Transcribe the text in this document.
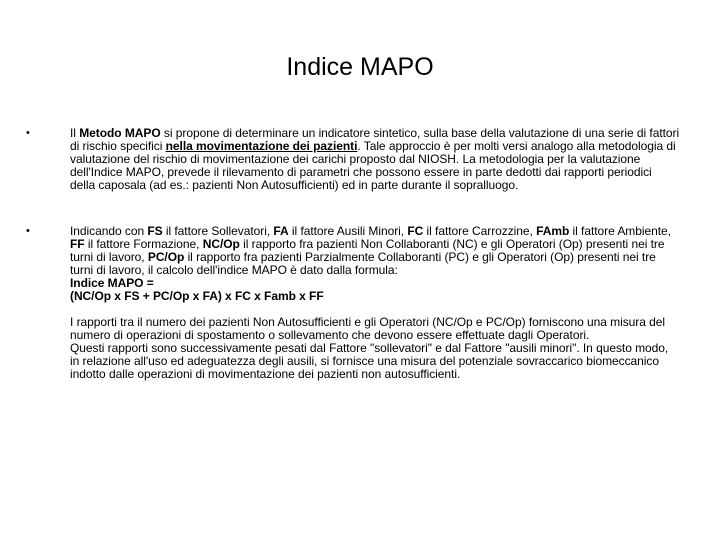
Indice MAPO
•	Il Metodo MAPO si propone di determinare un indicatore sintetico, sulla base della valutazione di una serie di fattori di rischio specifici nella movimentazione dei pazienti. Tale approccio è per molti versi analogo alla metodologia di valutazione del rischio di movimentazione dei carichi proposto dal NIOSH. La metodologia per la valutazione dell'Indice MAPO, prevede il rilevamento di parametri che possono essere in parte dedotti dai rapporti periodici della caposala (ad es.: pazienti Non Autosufficienti) ed in parte durante il sopralluogo.

•	Indicando con FS il fattore Sollevatori, FA il fattore Ausili Minori, FC il fattore Carrozzine, FAmb il fattore Ambiente, FF il fattore Formazione, NC/Op il rapporto fra pazienti Non Collaboranti (NC) e gli Operatori (Op) presenti nei tre turni di lavoro, PC/Op il rapporto fra pazienti Parzialmente Collaboranti (PC) e gli Operatori (Op) presenti nei tre turni di lavoro, il calcolo dell'indice MAPO è dato dalla formula:

Indice MAPO =

(NC/Op x FS + PC/Op x FA) x FC x Famb x FF

I rapporti tra il numero dei pazienti Non Autosufficienti e gli Operatori (NC/Op e PC/Op) forniscono una misura del numero di operazioni di spostamento o sollevamento che devono essere effettuate dagli Operatori.

Questi rapporti sono successivamente pesati dal Fattore "sollevatori" e dal Fattore "ausili minori". In questo modo, in relazione all'uso ed adeguatezza degli ausili, si fornisce una misura del potenziale sovraccarico biomeccanico indotto dalle operazioni di movimentazione dei pazienti non autosufficienti.
